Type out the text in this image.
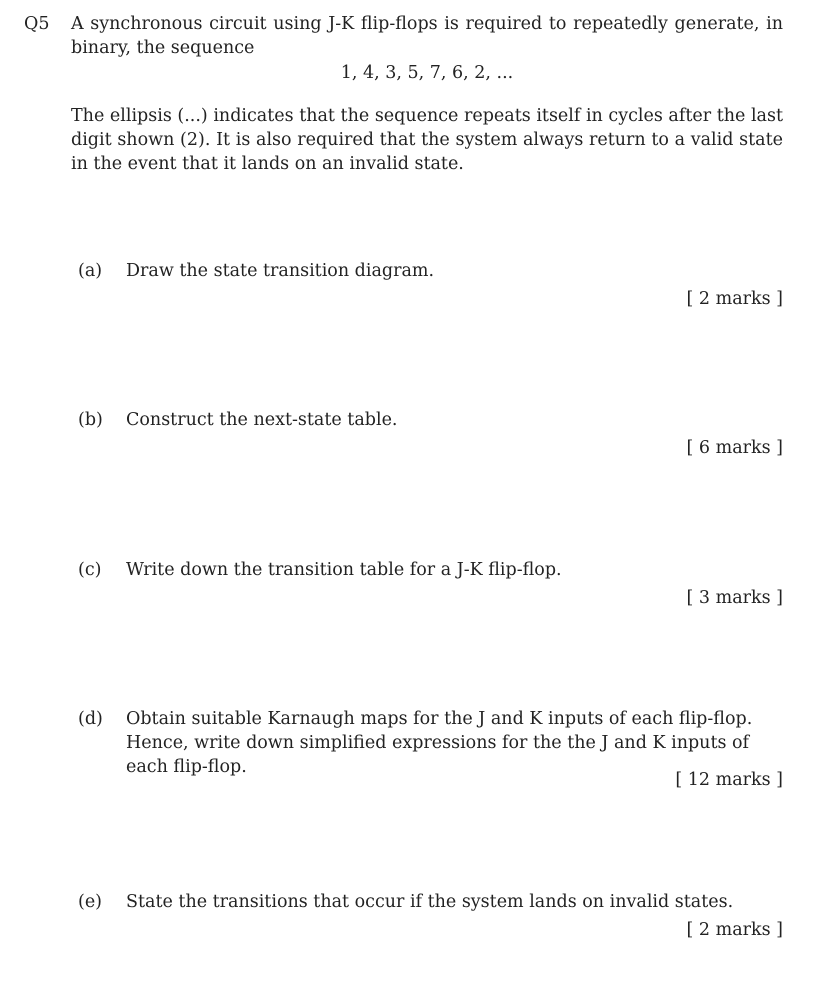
Q5 A synchronous circuit using J-K flip-flops is required to repeatedly generate, in binary, the sequence
1, 4, 3, 5, 7, 6, 2, ...
The ellipsis (...) indicates that the sequence repeats itself in cycles after the last digit shown (2). It is also required that the system always return to a valid state in the event that it lands on an invalid state.
(a) Draw the state transition diagram.
[ 2 marks ]
(b) Construct the next-state table.
[ 6 marks ]
(c) Write down the transition table for a J-K flip-flop.
[ 3 marks ]
(d) Obtain suitable Karnaugh maps for the J and K inputs of each flip-flop. Hence, write down simplified expressions for the the J and K inputs of each flip-flop.
[ 12 marks ]
(e) State the transitions that occur if the system lands on invalid states.
[ 2 marks ]
